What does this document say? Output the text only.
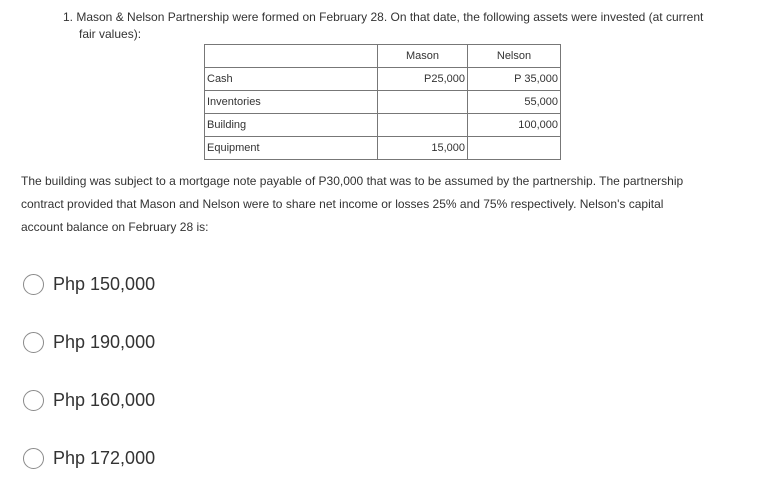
1. Mason & Nelson Partnership were formed on February 28. On that date, the following assets were invested (at current
fair values):
	Mason	Nelson
Cash	P25,000	P 35,000
Inventories		55,000
Building		100,000
Equipment	15,000	
The building was subject to a mortgage note payable of P30,000 that was to be assumed by the partnership. The partnership
contract provided that Mason and Nelson were to share net income or losses 25% and 75% respectively. Nelson's capital
account balance on February 28 is:
Php 150,000
Php 190,000
Php 160,000
Php 172,000
